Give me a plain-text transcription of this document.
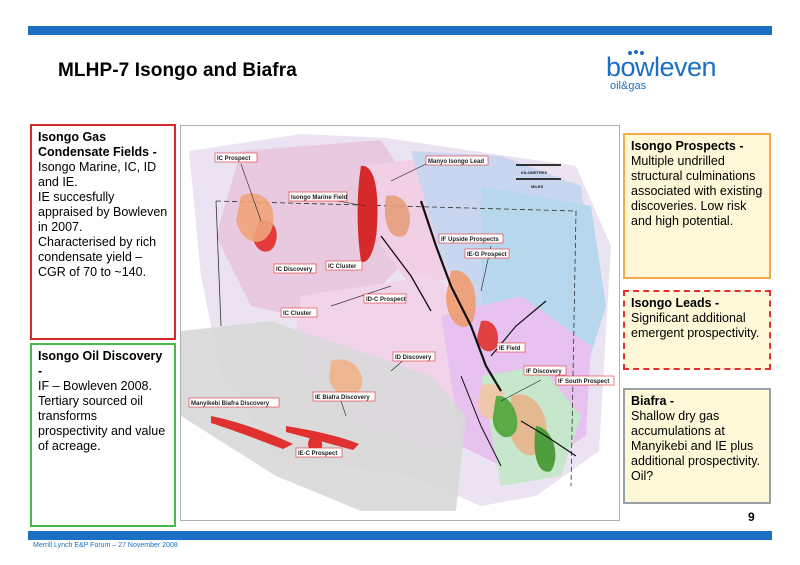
MLHP-7 Isongo and Biafra	bowleven
oil&gas
Isongo Gas Condensate Fields -
Isongo Marine, IC, ID and IE.
IE succesfully appraised by Bowleven in 2007.
Characterised by rich condensate yield – CGR of 70 to ~140.
Isongo Oil Discovery -
IF – Bowleven 2008.
Tertiary sourced oil transforms prospectivity and value of acreage.
KILOMETRES
MILES
IC Prospect
Isongo Marine Field
IC Discovery	IC Cluster
IC Cluster
Manyo Isongo Lead
IF Upside Prospects
IE-G Prospect
ID-C Prospect
ID Discovery
IE Field
IF Discovery
IF South Prospect
Manyikebi Biafra Discovery
IE Biafra Discovery
IE-C Prospect
Isongo Prospects -
Multiple undrilled structural culminations associated with existing discoveries. Low risk and high potential.
Isongo Leads -
Significant additional emergent prospectivity.
Biafra -
Shallow dry gas accumulations at Manyikebi and IE plus additional prospectivity. Oil?
9
Merrill Lynch E&P Forum – 27 November 2008
